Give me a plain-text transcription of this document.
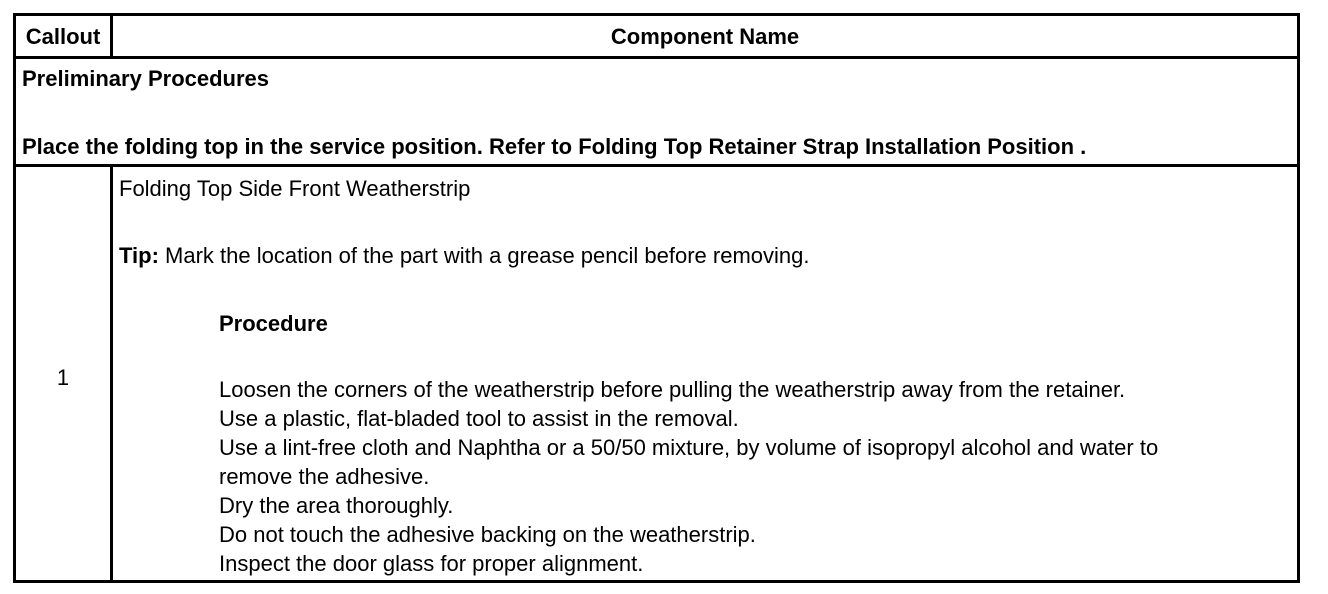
Callout	Component Name
Preliminary Procedures
Place the folding top in the service position. Refer to Folding Top Retainer Strap Installation Position .
1
Folding Top Side Front Weatherstrip
Tip: Mark the location of the part with a grease pencil before removing.
Procedure
Loosen the corners of the weatherstrip before pulling the weatherstrip away from the retainer.
Use a plastic, flat-bladed tool to assist in the removal.
Use a lint-free cloth and Naphtha or a 50/50 mixture, by volume of isopropyl alcohol and water to
remove the adhesive.
Dry the area thoroughly.
Do not touch the adhesive backing on the weatherstrip.
Inspect the door glass for proper alignment.
